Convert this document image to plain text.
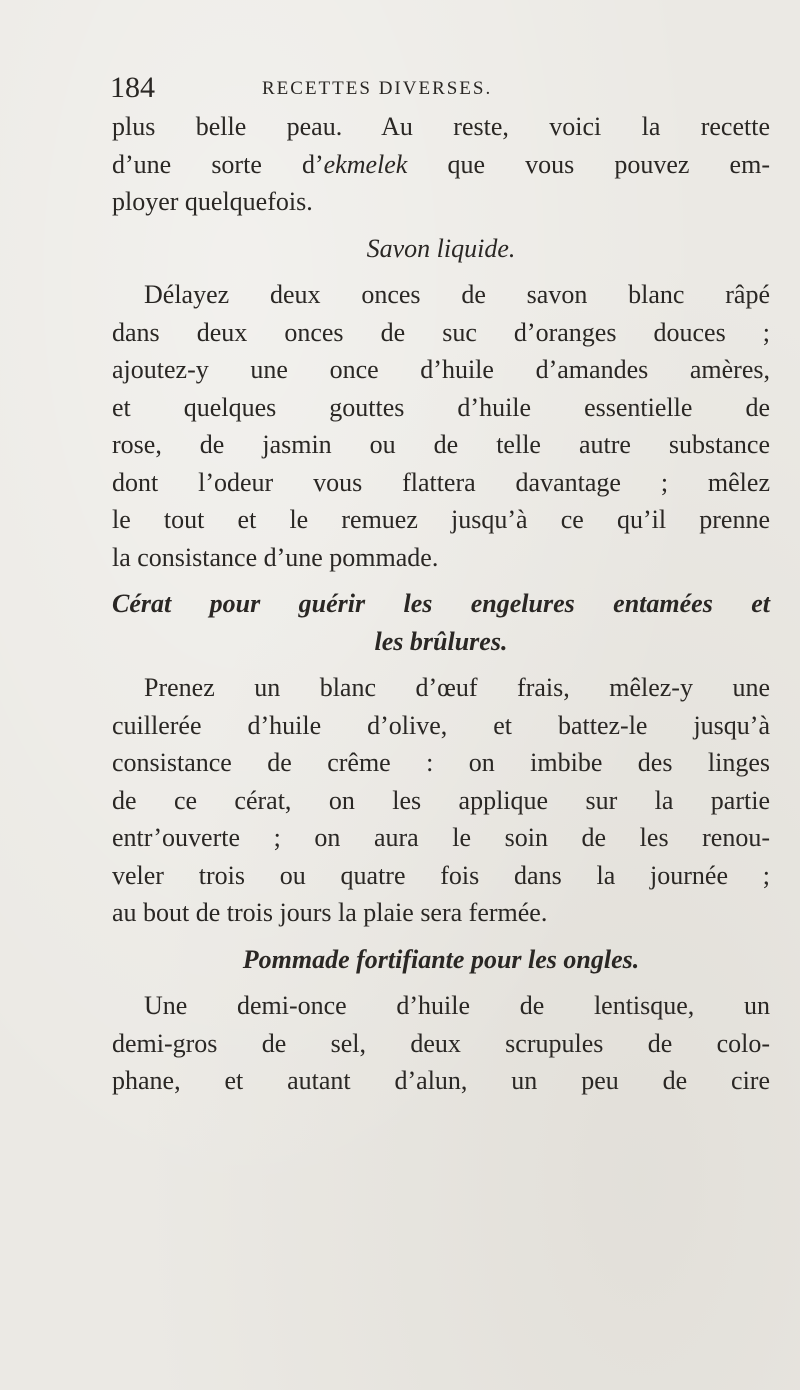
184	RECETTES DIVERSES.
plus belle peau. Au reste, voici la recette
d’une sorte d’ekmelek que vous pouvez em-
ployer quelquefois.
Savon liquide.
Délayez deux onces de savon blanc râpé
dans deux onces de suc d’oranges douces ;
ajoutez-y une once d’huile d’amandes amères,
et quelques gouttes d’huile essentielle de
rose, de jasmin ou de telle autre substance
dont l’odeur vous flattera davantage ; mêlez
le tout et le remuez jusqu’à ce qu’il prenne
la consistance d’une pommade.
Cérat pour guérir les engelures entamées et
les brûlures.
Prenez un blanc d’œuf frais, mêlez-y une
cuillerée d’huile d’olive, et battez-le jusqu’à
consistance de crême : on imbibe des linges
de ce cérat, on les applique sur la partie
entr’ouverte ; on aura le soin de les renou-
veler trois ou quatre fois dans la journée ;
au bout de trois jours la plaie sera fermée.
Pommade fortifiante pour les ongles.
Une demi-once d’huile de lentisque, un
demi-gros de sel, deux scrupules de colo-
phane, et autant d’alun, un peu de cire
